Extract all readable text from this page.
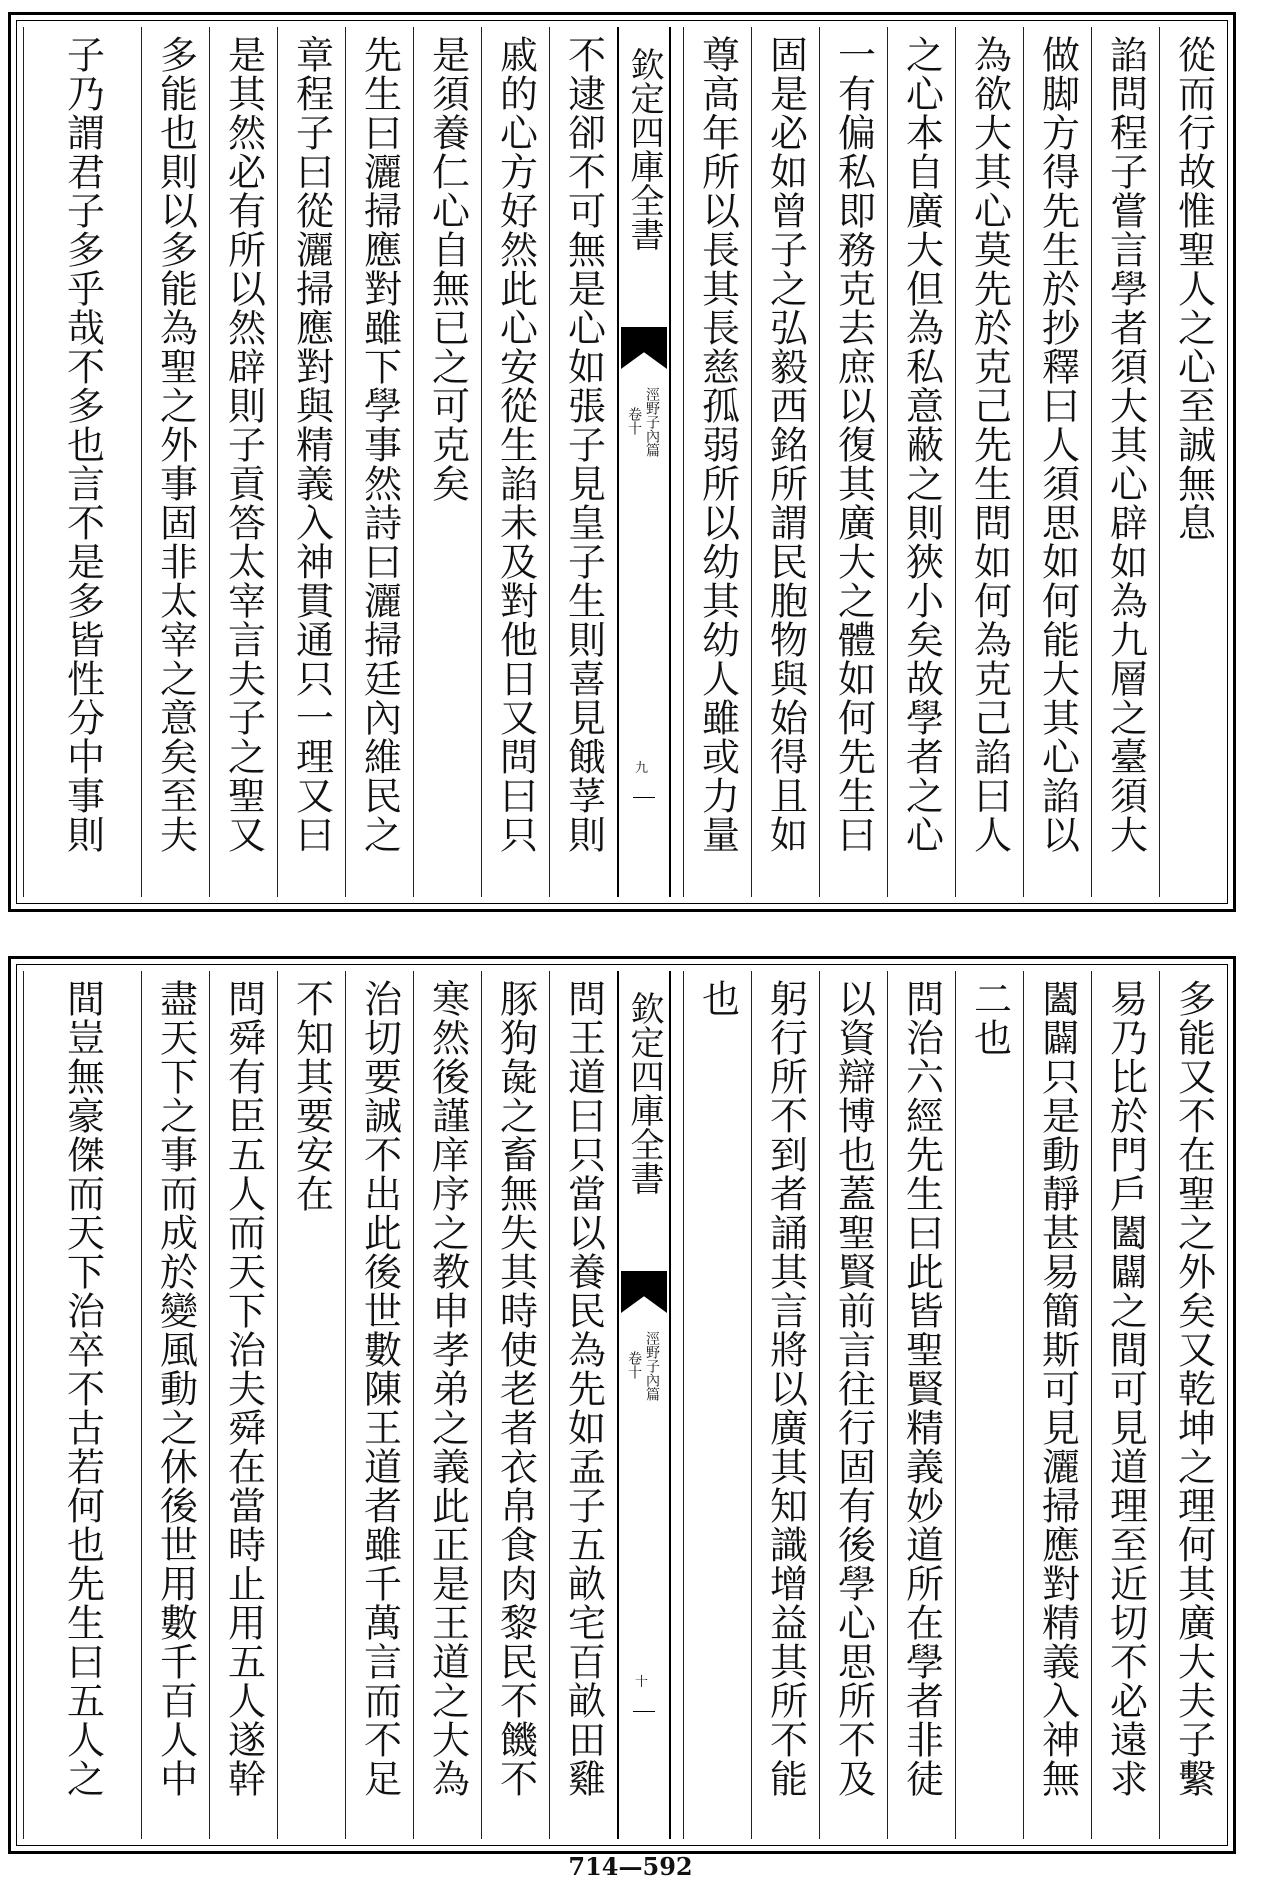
從而行故惟聖人之心至誠無息
諂問程子嘗言學者須大其心辟如為九層之臺須大
做脚方得先生於抄釋曰人須思如何能大其心諂以
為欲大其心莫先於克己先生問如何為克己諂曰人
之心本自廣大但為私意蔽之則狹小矣故學者之心
一有偏私即務克去庶以復其廣大之體如何先生曰
固是必如曾子之弘毅西銘所謂民胞物與始得且如
尊高年所以長其長慈孤弱所以幼其幼人雖或力量
欽定四庫全書
涇野子內篇
卷十
九
不逮卻不可無是心如張子見皇子生則喜見餓莩則
戚的心方好然此心安從生諂未及對他日又問曰只
是須養仁心自無已之可克矣
先生曰灑掃應對雖下學事然詩曰灑掃廷內維民之
章程子曰從灑掃應對與精義入神貫通只一理又曰
是其然必有所以然辟則子貢答太宰言夫子之聖又
多能也則以多能為聖之外事固非太宰之意矣至夫
子乃謂君子多乎哉不多也言不是多皆性分中事則
多能又不在聖之外矣又乾坤之理何其廣大夫子繫
易乃比於門戶闔闢之間可見道理至近切不必遠求
闔闢只是動靜甚易簡斯可見灑掃應對精義入神無
二也
問治六經先生曰此皆聖賢精義妙道所在學者非徒
以資辯博也蓋聖賢前言往行固有後學心思所不及
躬行所不到者誦其言將以廣其知識增益其所不能
也
欽定四庫全書
涇野子內篇
卷十
十
問王道曰只當以養民為先如孟子五畝宅百畝田雞
豚狗彘之畜無失其時使老者衣帛食肉黎民不饑不
寒然後謹庠序之教申孝弟之義此正是王道之大為
治切要誠不出此後世數陳王道者雖千萬言而不足
不知其要安在
問舜有臣五人而天下治夫舜在當時止用五人遂幹
盡天下之事而成於變風動之休後世用數千百人中
間豈無豪傑而天下治卒不古若何也先生曰五人之
714—592
